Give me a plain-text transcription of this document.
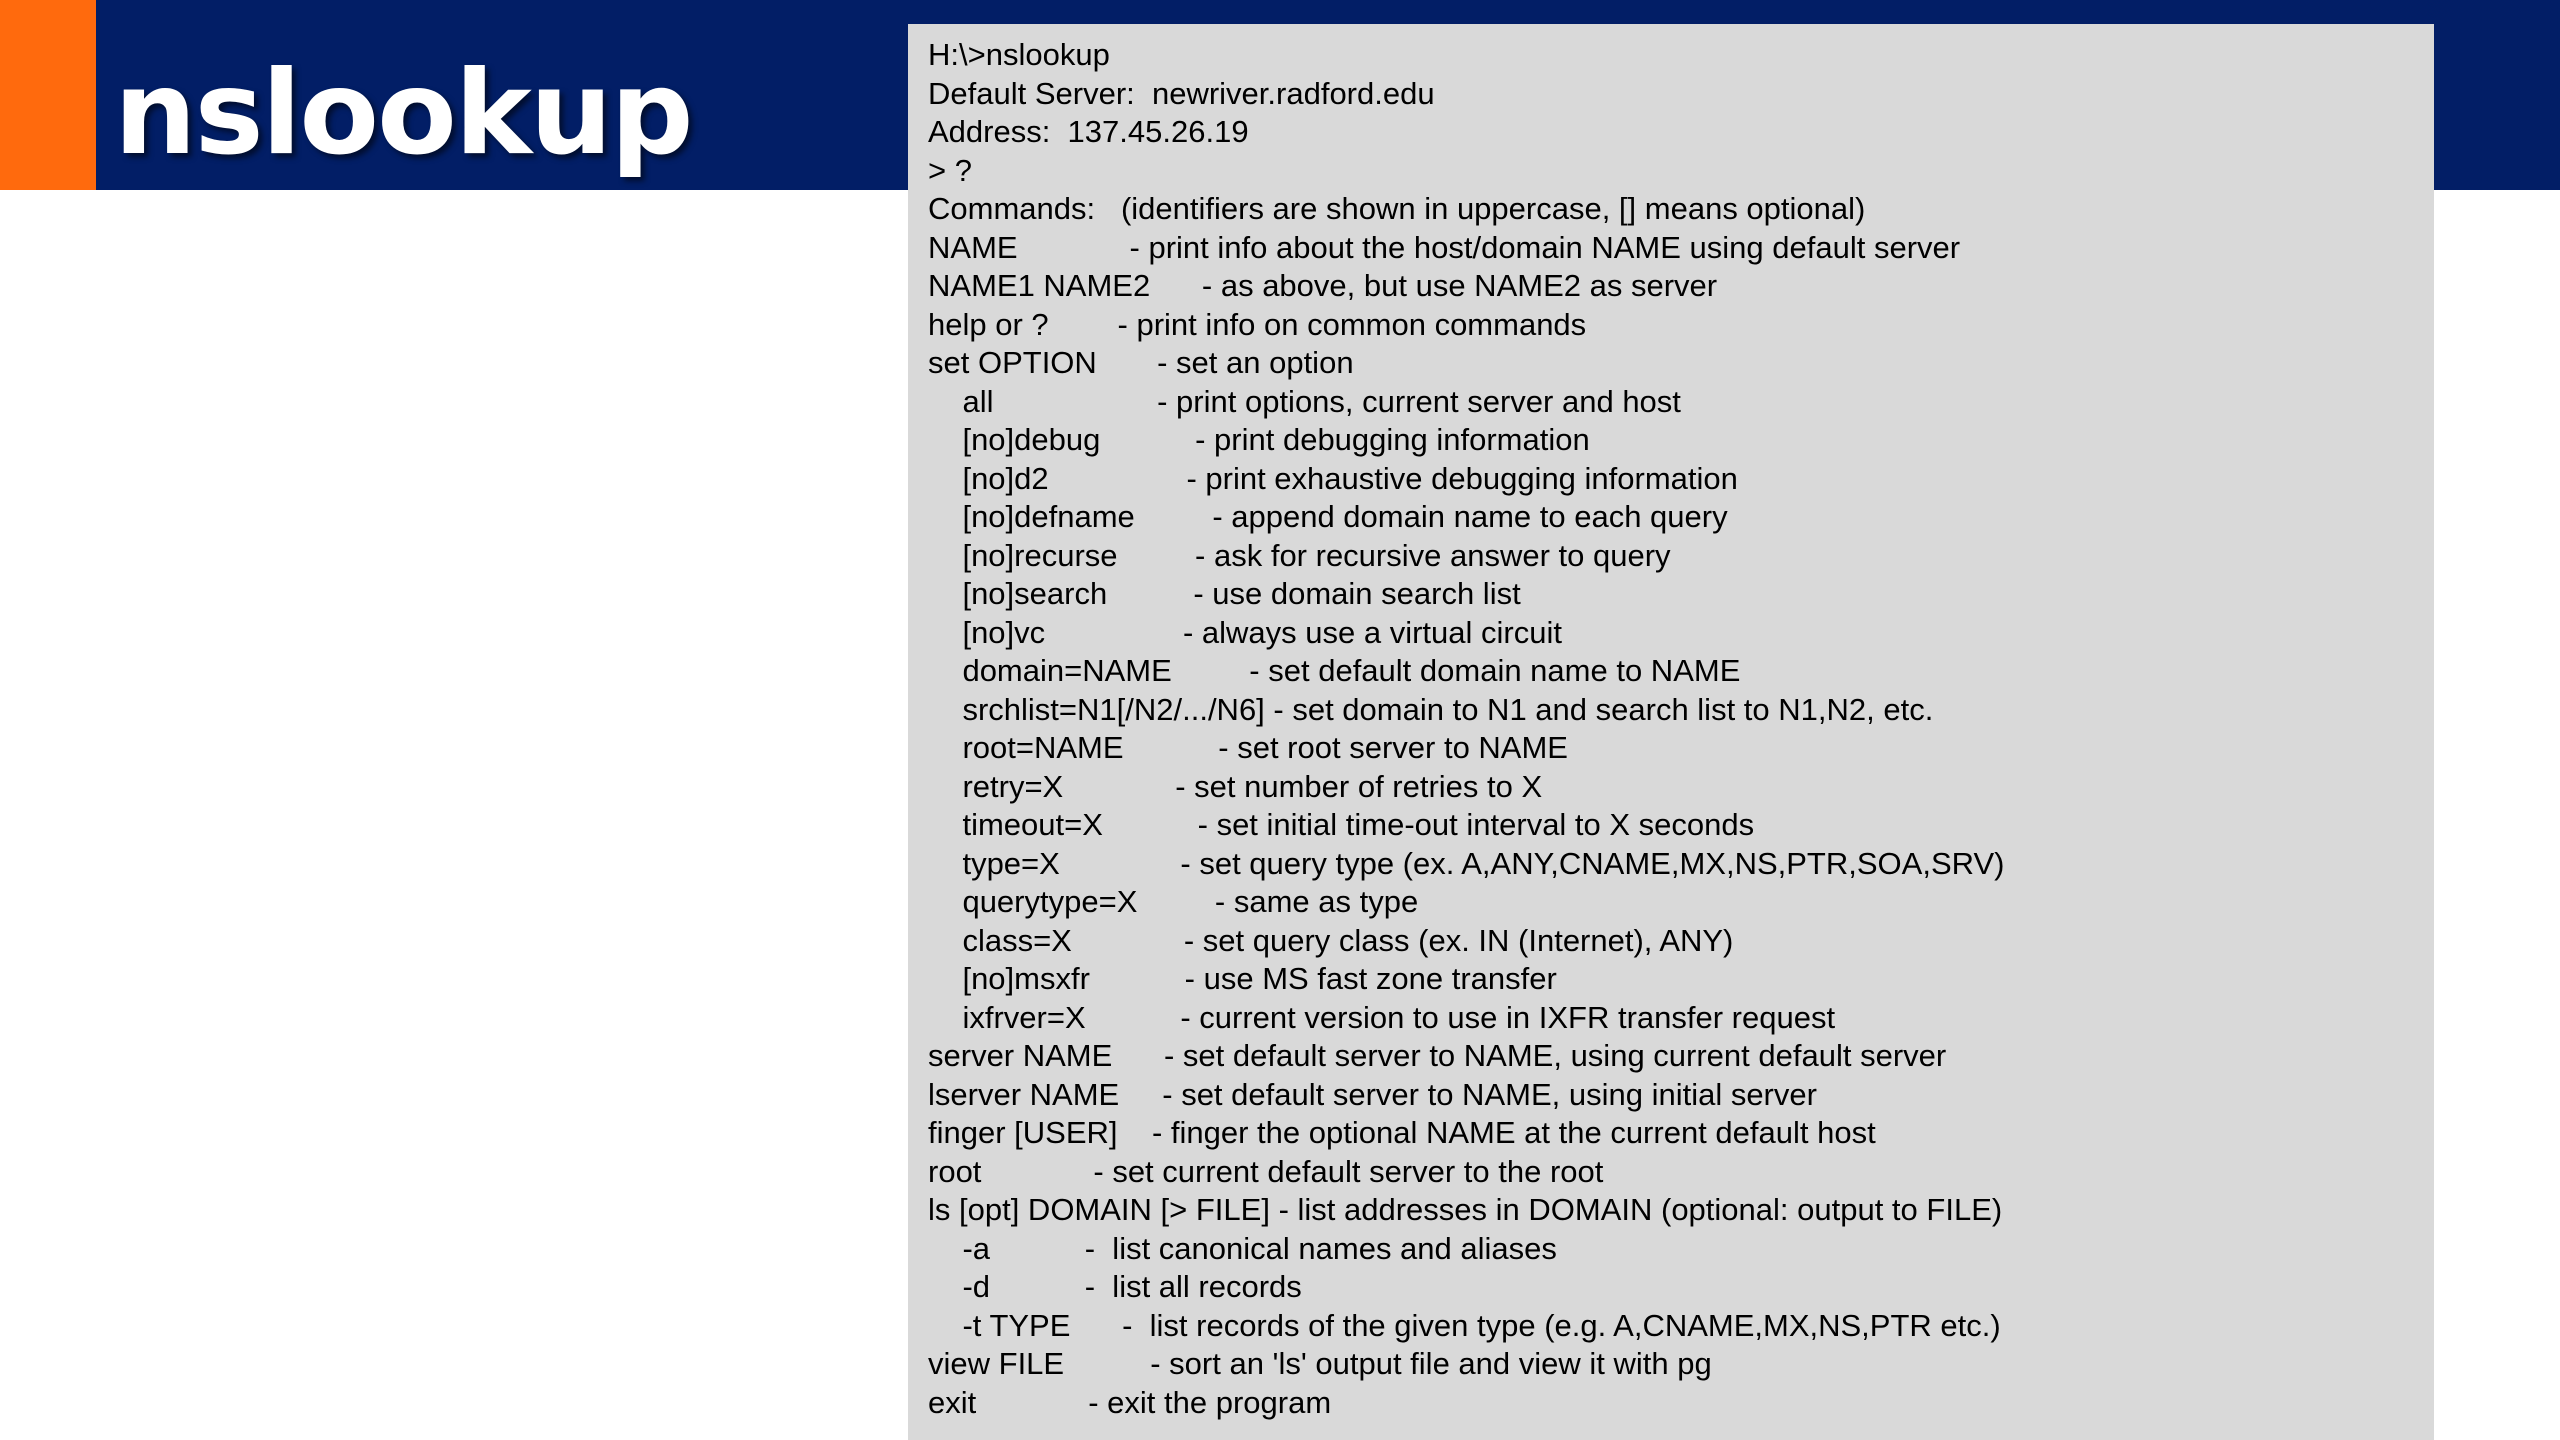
nslookup	H:\>nslookup
Default Server:  newriver.radford.edu
Address:  137.45.26.19
> ?
Commands:   (identifiers are shown in uppercase, [] means optional)
NAME             - print info about the host/domain NAME using default server
NAME1 NAME2      - as above, but use NAME2 as server
help or ?        - print info on common commands
set OPTION       - set an option
all                   - print options, current server and host
[no]debug           - print debugging information
[no]d2                - print exhaustive debugging information
[no]defname         - append domain name to each query
[no]recurse         - ask for recursive answer to query
[no]search          - use domain search list
[no]vc                - always use a virtual circuit
domain=NAME         - set default domain name to NAME
srchlist=N1[/N2/.../N6] - set domain to N1 and search list to N1,N2, etc.
root=NAME           - set root server to NAME
retry=X             - set number of retries to X
timeout=X           - set initial time-out interval to X seconds
type=X              - set query type (ex. A,ANY,CNAME,MX,NS,PTR,SOA,SRV)
querytype=X         - same as type
class=X             - set query class (ex. IN (Internet), ANY)
[no]msxfr           - use MS fast zone transfer
ixfrver=X           - current version to use in IXFR transfer request
server NAME      - set default server to NAME, using current default server
lserver NAME     - set default server to NAME, using initial server
finger [USER]    - finger the optional NAME at the current default host
root             - set current default server to the root
ls [opt] DOMAIN [> FILE] - list addresses in DOMAIN (optional: output to FILE)
-a           -  list canonical names and aliases
-d           -  list all records
-t TYPE      -  list records of the given type (e.g. A,CNAME,MX,NS,PTR etc.)
view FILE          - sort an 'ls' output file and view it with pg
exit             - exit the program
